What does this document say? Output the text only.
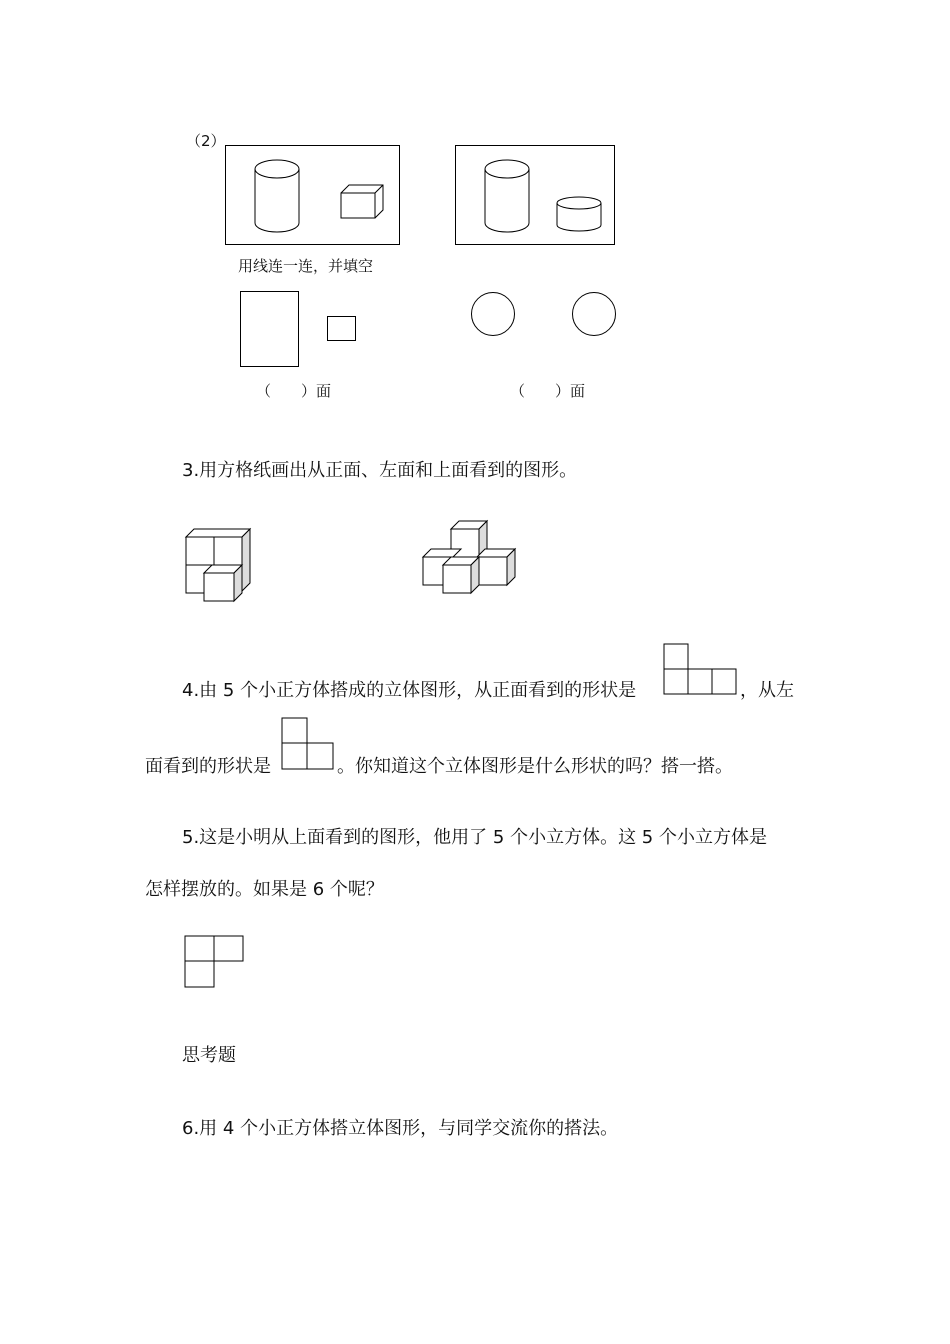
（2）
用线连一连，并填空
（　　）面	（　　）面
3.用方格纸画出从正面、左面和上面看到的图形。
4.由 5 个小正方体搭成的立体图形，从正面看到的形状是	，从左
面看到的形状是	。你知道这个立体图形是什么形状的吗？搭一搭。
5.这是小明从上面看到的图形，他用了 5 个小立方体。这 5 个小立方体是
怎样摆放的。如果是 6 个呢？
思考题
6.用 4 个小正方体搭立体图形，与同学交流你的搭法。
